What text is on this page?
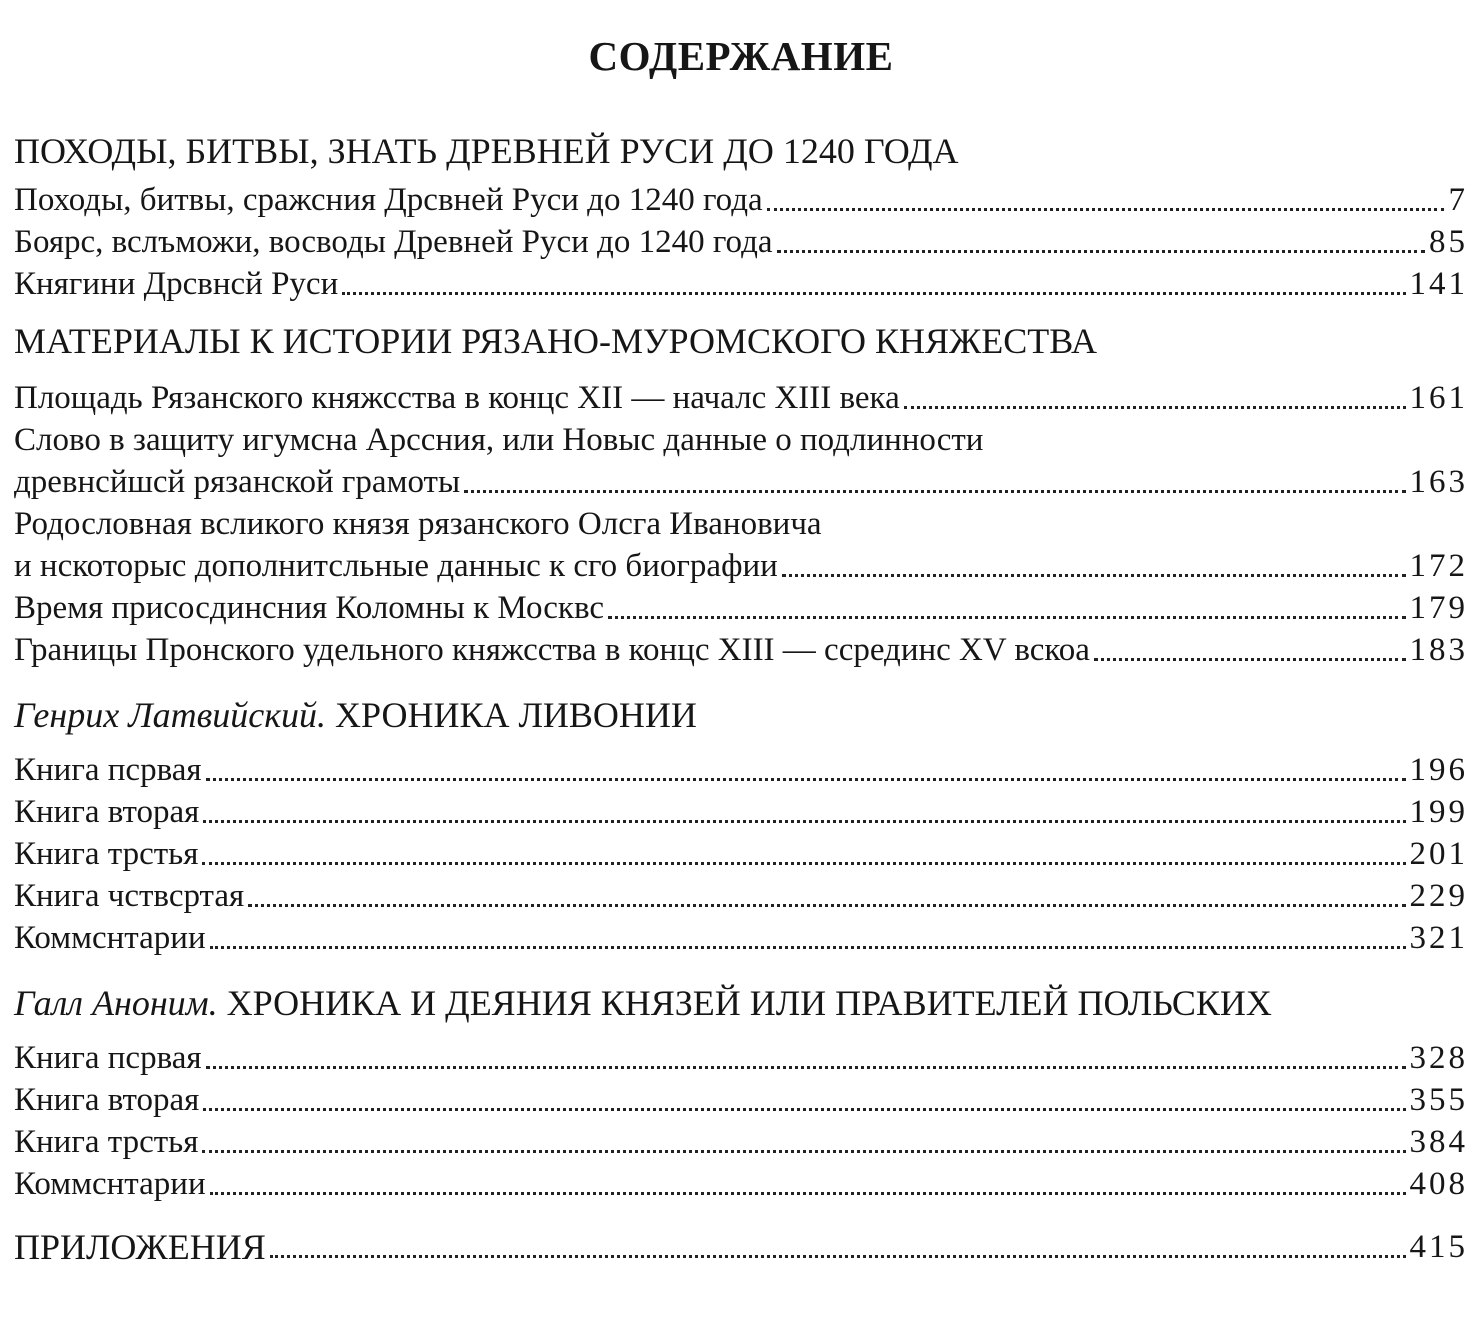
СОДЕРЖАНИЕ
ПОХОДЫ, БИТВЫ, ЗНАТЬ ДРЕВНЕЙ РУСИ ДО 1240 ГОДА
Походы, битвы, сражсния Дрсвней Руси до 1240 года	7
Боярс, вслъможи, восводы Древней Руси до 1240 года	85
Княгини Дрсвнсй Руси	141
МАТЕРИАЛЫ К ИСТОРИИ РЯЗАНО-МУРОМСКОГО КНЯЖЕСТВА
Площадь Рязанского княжсства в концс XII — началс XIII века	161
Слово в защиту игумсна Арссния, или Новыс данные о подлинности
древнсйшсй рязанской грамоты	163
Родословная всликого князя рязанского Олсга Ивановича
и нскоторыс дополнитсльные данныс к сго биографии	172
Время присосдинсния Коломны к Москвс	179
Границы Пронского удельного княжсства в концс XIII — ссрединс XV вскоа	183
Генрих Латвийский. ХРОНИКА ЛИВОНИИ
Книга псрвая	196
Книга вторая	199
Книга трстья	201
Книга чствсртая	229
Коммснтарии	321
Галл Аноним. ХРОНИКА И ДЕЯНИЯ КНЯЗЕЙ ИЛИ ПРАВИТЕЛЕЙ ПОЛЬСКИХ
Книга псрвая	328
Книга вторая	355
Книга трстья	384
Коммснтарии	408
ПРИЛОЖЕНИЯ	415
